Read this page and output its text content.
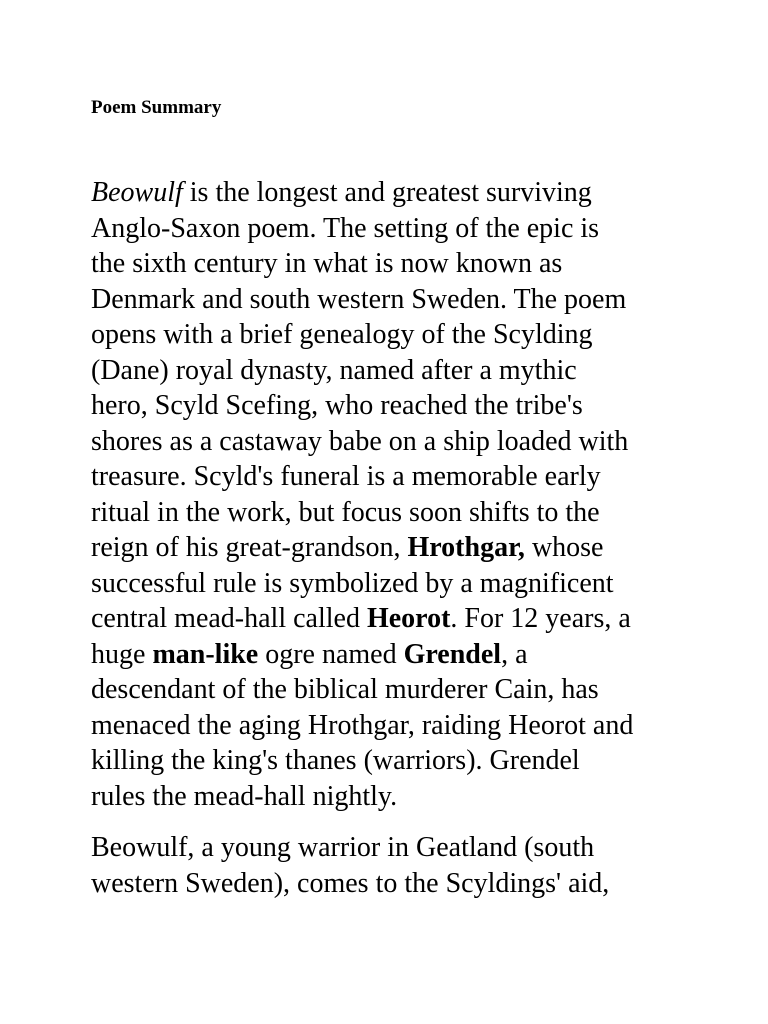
Poem Summary

Beowulf is the longest and greatest surviving
Anglo-Saxon poem. The setting of the epic is
the sixth century in what is now known as
Denmark and south western Sweden. The poem
opens with a brief genealogy of the Scylding
(Dane) royal dynasty, named after a mythic
hero, Scyld Scefing, who reached the tribe's
shores as a castaway babe on a ship loaded with
treasure. Scyld's funeral is a memorable early
ritual in the work, but focus soon shifts to the
reign of his great-grandson, Hrothgar, whose
successful rule is symbolized by a magnificent
central mead-hall called Heorot. For 12 years, a
huge man-like ogre named Grendel, a
descendant of the biblical murderer Cain, has
menaced the aging Hrothgar, raiding Heorot and
killing the king's thanes (warriors). Grendel
rules the mead-hall nightly.

Beowulf, a young warrior in Geatland (south
western Sweden), comes to the Scyldings' aid,
